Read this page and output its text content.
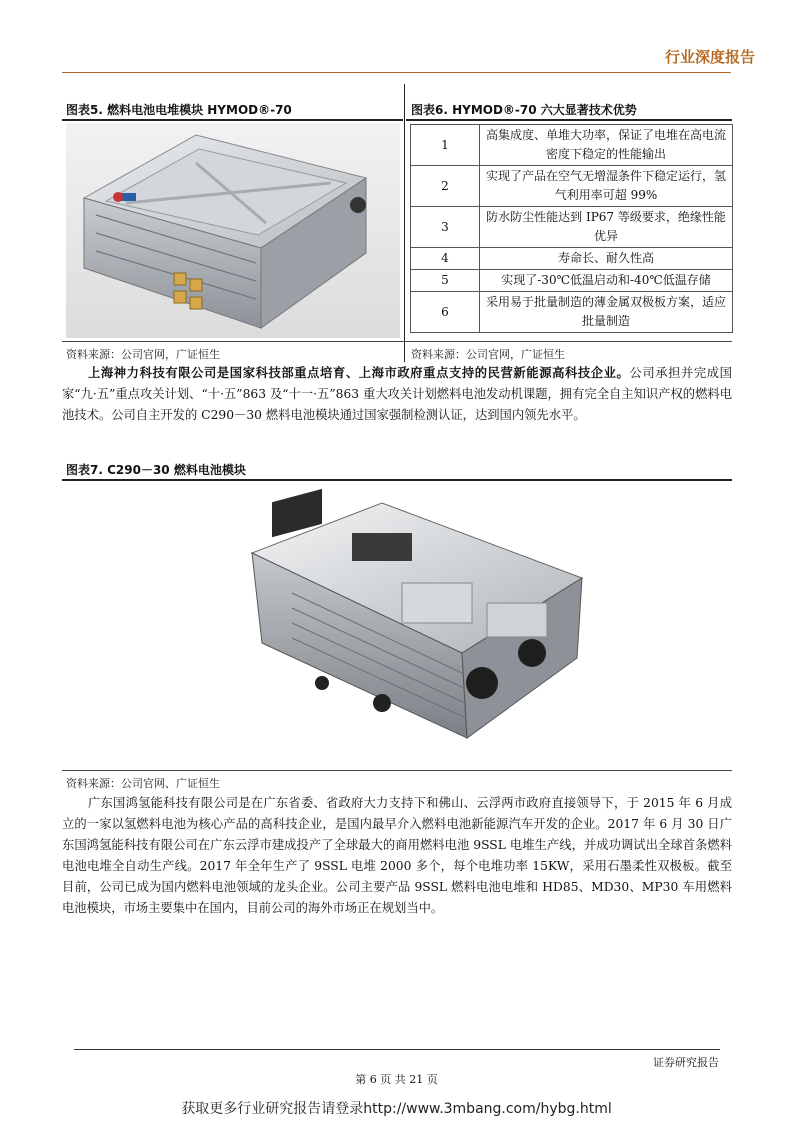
行业深度报告
图表5. 燃料电池电堆模块 HYMOD®-70	图表6. HYMOD®-70 六大显著技术优势
1	高集成度、单堆大功率，保证了电堆在高电流密度下稳定的性能输出
2	实现了产品在空气无增湿条件下稳定运行，氢气利用率可超 99%
3	防水防尘性能达到 IP67 等级要求，绝缘性能优异
4	寿命长、耐久性高
5	实现了-30℃低温启动和-40℃低温存储
6	采用易于批量制造的薄金属双极板方案，适应批量制造
资料来源：公司官网，广证恒生	资料来源：公司官网，广证恒生
上海神力科技有限公司是国家科技部重点培育、上海市政府重点支持的民营新能源高科技企业。公司承担并完成国家“九·五”重点攻关计划、“十·五”863 及“十一·五”863 重大攻关计划燃料电池发动机课题，拥有完全自主知识产权的燃料电池技术。公司自主开发的 C290－30 燃料电池模块通过国家强制检测认证，达到国内领先水平。
图表7. C290－30 燃料电池模块
资料来源：公司官网、广证恒生
广东国鸿氢能科技有限公司是在广东省委、省政府大力支持下和佛山、云浮两市政府直接领导下，于 2015 年 6 月成立的一家以氢燃料电池为核心产品的高科技企业，是国内最早介入燃料电池新能源汽车开发的企业。2017 年 6 月 30 日广东国鸿氢能科技有限公司在广东云浮市建成投产了全球最大的商用燃料电池 9SSL 电堆生产线，并成功调试出全球首条燃料电池电堆全自动生产线。2017 年全年生产了 9SSL 电堆 2000 多个，每个电堆功率 15KW，采用石墨柔性双极板。截至目前，公司已成为国内燃料电池领域的龙头企业。公司主要产品 9SSL 燃料电池电堆和 HD85、MD30、MP30 车用燃料电池模块，市场主要集中在国内，目前公司的海外市场正在规划当中。
证券研究报告
第 6 页 共 21 页
获取更多行业研究报告请登录http://www.3mbang.com/hybg.html
